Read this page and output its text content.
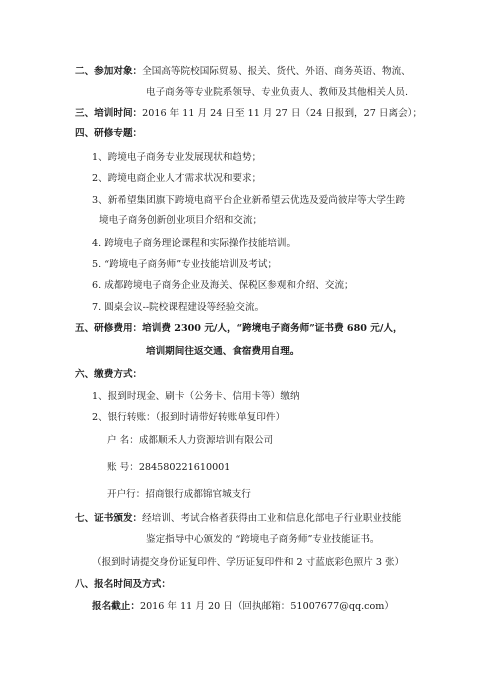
二、参加对象：全国高等院校国际贸易、报关、货代、外语、商务英语、物流、
电子商务等专业院系领导、专业负责人、教师及其他相关人员.
三、培训时间：2016 年 11 月 24 日至 11 月 27 日（24 日报到，27 日离会）；
四、研修专题：
1、跨境电子商务专业发展现状和趋势；
2、跨境电商企业人才需求状况和要求；
3、新希望集团旗下跨境电商平台企业新希望云优选及爱尚彼岸等大学生跨
境电子商务创新创业项目介绍和交流；
4. 跨境电子商务理论课程和实际操作技能培训。
5. “跨境电子商务师”专业技能培训及考试；
6. 成都跨境电子商务企业及海关、保税区参观和介绍、交流；
7. 圆桌会议--院校课程建设等经验交流。
五、研修费用：培训费 2300 元/人，“跨境电子商务师”证书费 680 元/人，
培训期间往返交通、食宿费用自理。
六、缴费方式：
1、报到时现金、刷卡（公务卡、信用卡等）缴纳
2、银行转账：（报到时请带好转账单复印件）
户 名：成都顺禾人力资源培训有限公司
账 号：284580221610001
开户行：招商银行成都锦官城支行
七、证书颁发：经培训、考试合格者获得由工业和信息化部电子行业职业技能
鉴定指导中心颁发的 “跨境电子商务师”专业技能证书。
（报到时请提交身份证复印件、学历证复印件和 2 寸蓝底彩色照片 3 张）
八、报名时间及方式：
报名截止：2016 年 11 月 20 日（回执邮箱：51007677@qq.com）
